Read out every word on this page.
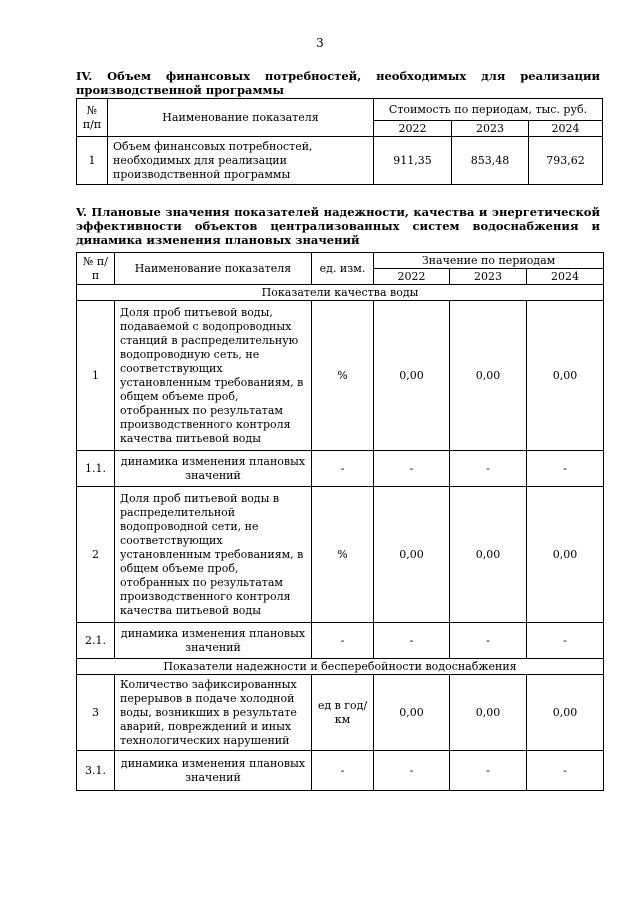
3
IV. Объем финансовых потребностей, необходимых для реализации производственной программы
№ п/п	Наименование показателя	Стоимость по периодам, тыс. руб.		
		2022	2023	2024
1	Объем финансовых потребностей, необходимых для реализации производственной программы	911,35	853,48	793,62
V. Плановые значения показателей надежности, качества и энергетической эффективности объектов централизованных систем водоснабжения и динамика изменения плановых значений
№ п/п	Наименование показателя	ед. изм.	Значение по периодам		
			2022	2023	2024
Показатели качества воды					
1	Доля проб питьевой воды, подаваемой с водопроводных станций в распределительную водопроводную сеть, не соответствующих установленным требованиям, в общем объеме проб, отобранных по результатам производственного контроля качества питьевой воды	%	0,00	0,00	0,00
1.1.	динамика изменения плановых значений	-	-	-	-
2	Доля проб питьевой воды в распределительной водопроводной сети, не соответствующих установленным требованиям, в общем объеме проб, отобранных по результатам производственного контроля качества питьевой воды	%	0,00	0,00	0,00
2.1.	динамика изменения плановых значений	-	-	-	-
Показатели надежности и бесперебойности водоснабжения					
3	Количество зафиксированных перерывов в подаче холодной воды, возникших в результате аварий, повреждений и иных технологических нарушений	ед в год/км	0,00	0,00	0,00
3.1.	динамика изменения плановых значений	-	-	-	-
